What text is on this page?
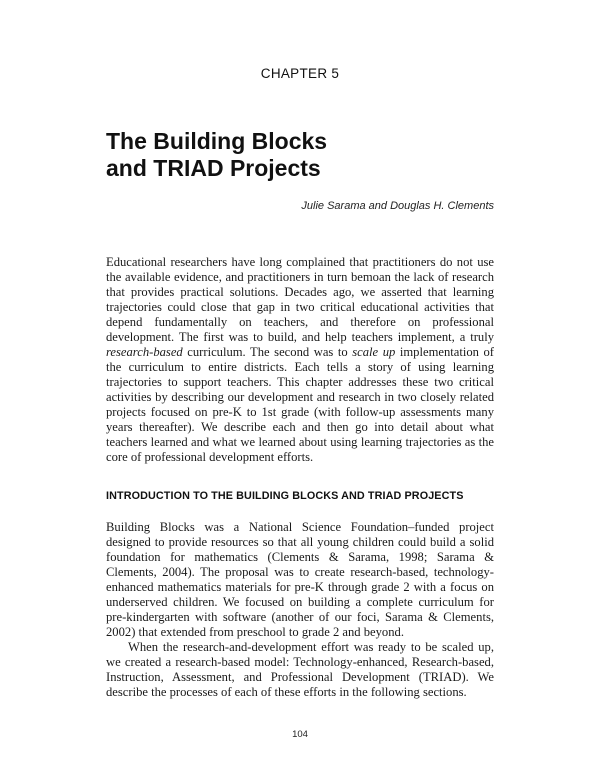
CHAPTER 5
The Building Blocks
and TRIAD Projects
Julie Sarama and Douglas H. Clements

Educational researchers have long complained that practitioners do not use the available evidence, and practitioners in turn bemoan the lack of research that provides practical solutions. Decades ago, we asserted that learning trajectories could close that gap in two critical educational activities that depend fundamentally on teachers, and therefore on professional development. The first was to build, and help teachers implement, a truly research-based curriculum. The second was to scale up implementation of the curriculum to entire districts. Each tells a story of using learning trajectories to support teachers. This chapter addresses these two critical activities by describing our development and research in two closely related projects focused on pre-K to 1st grade (with follow-up assessments many years thereafter). We describe each and then go into detail about what teachers learned and what we learned about using learning trajectories as the core of professional development efforts.

INTRODUCTION TO THE BUILDING BLOCKS AND TRIAD PROJECTS

Building Blocks was a National Science Foundation–funded project designed to provide resources so that all young children could build a solid foundation for mathematics (Clements & Sarama, 1998; Sarama & Clements, 2004). The proposal was to create research-based, technology-enhanced mathematics materials for pre-K through grade 2 with a focus on underserved children. We focused on building a complete curriculum for pre-kindergarten with software (another of our foci, Sarama & Clements, 2002) that extended from preschool to grade 2 and beyond.

When the research-and-development effort was ready to be scaled up, we created a research-based model: Technology-enhanced, Research-based, Instruction, Assessment, and Professional Development (TRIAD). We describe the processes of each of these efforts in the following sections.

104
